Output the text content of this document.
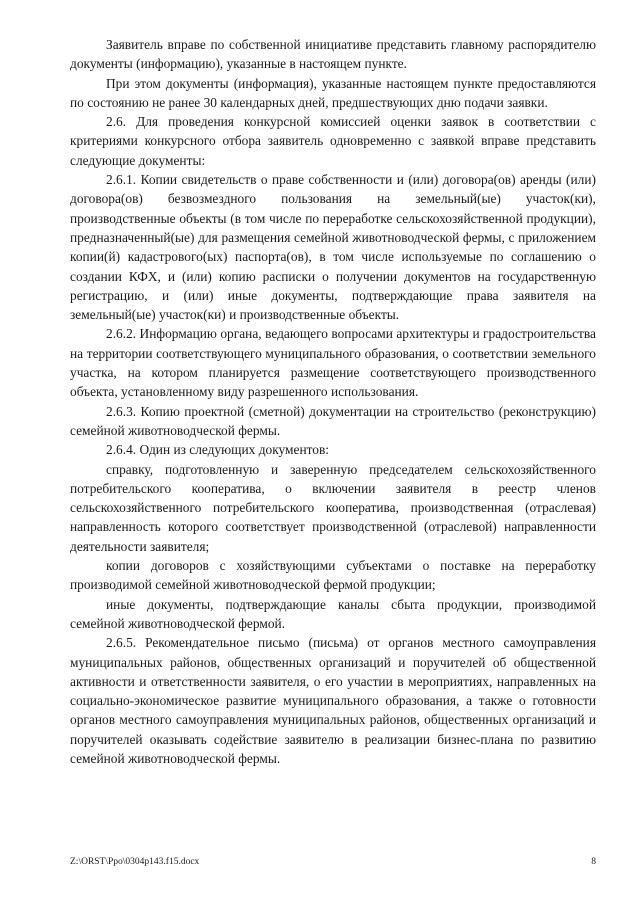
Заявитель вправе по собственной инициативе представить главному распорядителю документы (информацию), указанные в настоящем пункте.

При этом документы (информация), указанные настоящем пункте предоставляются по состоянию не ранее 30 календарных дней, предшествующих дню подачи заявки.

2.6. Для проведения конкурсной комиссией оценки заявок в соответствии с критериями конкурсного отбора заявитель одновременно с заявкой вправе представить следующие документы:

2.6.1. Копии свидетельств о праве собственности и (или) договора(ов) аренды (или) договора(ов) безвозмездного пользования на земельный(ые) участок(ки), производственные объекты (в том числе по переработке сельскохозяйственной продукции), предназначенный(ые) для размещения семейной животноводческой фермы, с приложением копии(й) кадастрового(ых) паспорта(ов), в том числе используемые по соглашению о создании КФХ, и (или) копию расписки о получении документов на государственную регистрацию, и (или) иные документы, подтверждающие права заявителя на земельный(ые) участок(ки) и производственные объекты.

2.6.2. Информацию органа, ведающего вопросами архитектуры и градостроительства на территории соответствующего муниципального образования, о соответствии земельного участка, на котором планируется размещение соответствующего производственного объекта, установленному виду разрешенного использования.

2.6.3. Копию проектной (сметной) документации на строительство (реконструкцию) семейной животноводческой фермы.

2.6.4. Один из следующих документов:

справку, подготовленную и заверенную председателем сельскохозяйственного потребительского кооператива, о включении заявителя в реестр членов сельскохозяйственного потребительского кооператива, производственная (отраслевая) направленность которого соответствует производственной (отраслевой) направленности деятельности заявителя;

копии договоров с хозяйствующими субъектами о поставке на переработку производимой семейной животноводческой фермой продукции;

иные документы, подтверждающие каналы сбыта продукции, производимой семейной животноводческой фермой.

2.6.5. Рекомендательное письмо (письма) от органов местного самоуправления муниципальных районов, общественных организаций и поручителей об общественной активности и ответственности заявителя, о его участии в мероприятиях, направленных на социально-экономическое развитие муниципального образования, а также о готовности органов местного самоуправления муниципальных районов, общественных организаций и поручителей оказывать содействие заявителю в реализации бизнес-плана по развитию семейной животноводческой фермы.

Z:\ORST\Ppo\0304p143.f15.docx	8
